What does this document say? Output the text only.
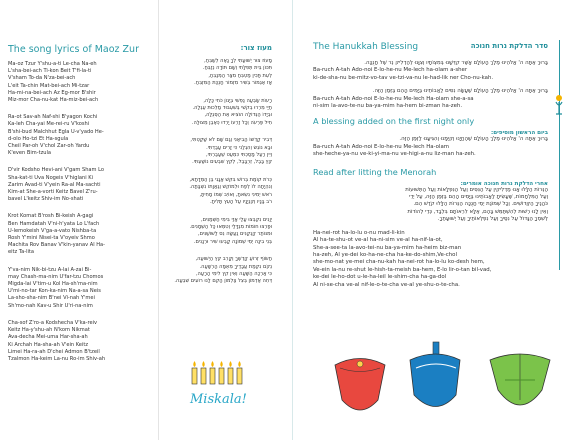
The song lyrics of Maoz Zur
Ma-oz Tzur Y'shu-a-ti Le-cha Na-eh
L'sha-bei-ach Ti-kon Beit T'fi-la-ti
V'sham To-da N'za-bei-ach
L'eit Ta-chin Mat-bei-ach Mi-tzar
Ha-mi-na-bei-ach Az Eg-mor B'shir
Miz-mor Cha-nu-kat Ha-miz-bei-ach
Ra-ot Sav-ah Naf-shi B'yagon Kochi
Ka-leh Cha-yai Me-rei-ru V'koshi
B'shi-bud Malchhut Egla U-v'yado He-
d-olo Ho-tzi Et Ha-sgula
Cheil Par-oh V'chol Zar-oh Yardu
K'even Bim-tzula
D'vir Kodsho Hevi-ani V'gam Sham Lo
Sha-kat-ti Uva Nogeis V'higlani Ki
Zarim Avad-ti V'yein Ra-al Ma-sachti
Kim-at She-a-vorti Keitz Bavel Z'ru-
bavel L'keitz Shiv-im No-shati
Krot Komat B'rosh Bi-keish A-gagi
Ben Hamdatah V'ni-h'yata Lo L'fach
U-lemokeish V'ga-a-vato Nishba-ta
Rosh Y'mini Nisei-ta V'oyeiv Shmo
Machita Rov Banav V'kin-yanav Al Ha-
eitz Ta-lita
Y'va-nim Nik-bi-tzu A-lai A-zai Bi-
may Chash-ma-nim U'far-tzu Chomos
Migda-lai V'tim-u Kol Ha-sh'ma-nim
U'mi-no-tar Kon-ka-nim Na-a-sa Neis
La-sho-sha-nim B'nei Vi-nah Y'mei
Sh'mo-nah Kav-u Shir U'ri-na-nim
Cha-sof Z'ro-a Kodshecha V'ka-reiv
Keitz Ha-y'shu-ah N'kom Nikmat
Ava-decha Mei-uma Har-sha-ah
Ki Archah Ha-sha-ah V'ein Keitz
Limei Ha-ra-ah D'chei Admon B'tzeil
Tzalmon Ha-keim La-nu Ro-im Shiv-ah
מעוז צור:
מָעוֹז צוּר יְשׁוּעָתִי לְךָ נָאֶה לְשַׁבֵּחַ,
תִּכּוֹן בֵּית תְּפִלָּתִי וְשָׁם תּוֹדָה נְזַבֵּחַ.
לְעֵת תָּכִין מַטְבֵּחַ מִצָּר הַמְנַבֵּחַ,
אָז אֶגְמוֹר בְּשִׁיר מִזְמוֹר חֲנֻכַּת הַמִּזְבֵּחַ.
רָעוֹת שָׂבְעָה נַפְשִׁי בְּיָגוֹן כֹּחִי כָּלָה,
חַיַּי מֵרְרוּ בְקֹשִׁי בְּשִׁעְבּוּד מַלְכוּת עֶגְלָה.
וּבְיָדוֹ הַגְּדוֹלָה הוֹצִיא אֶת הַסְּגֻלָּה,
חֵיל פַּרְעֹה וְכָל זַרְעוֹ יָרְדוּ כְּאֶבֶן מְצוּלָה.
דְּבִיר קָדְשׁוֹ הֱבִיאַנִי וְגַם שָׁם לֹא שָׁקַטְתִּי,
וּבָא נוֹגֵשׂ וְהִגְלַנִי כִּי זָרִים עָבַדְתִּי.
וְיֵין רַעַל מָסַכְתִּי כִּמְעַט שֶׁעָבַרְתִּי,
קֵץ בָּבֶל, זְרֻבָּבֶל, לְקֵץ שִׁבְעִים נוֹשַׁעְתִּי.
כְּרֹת קוֹמַת בְּרוֹשׁ בִּקֵּשׁ אֲגָגִי בֶּן הַמְּדָתָא,
וְנִהְיָתָה לוֹ לְפַח וּלְמוֹקֵשׁ וְגַאֲוָתוֹ נִשְׁבָּתָה.
רֹאשׁ יְמִינִי נִשֵּׂאתָ, וְאוֹיֵב שְׁמוֹ מָחִיתָ,
רֹב בָּנָיו וְקִנְיָנָיו עַל הָעֵץ תָּלִיתָ.
יְוָנִים נִקְבְּצוּ עָלַי אֲזַי בִּימֵי חַשְׁמַנִּים,
וּפָרְצוּ חוֹמוֹת מִגְדָּלַי וְטִמְּאוּ כָּל הַשְּׁמָנִים.
וּמִנּוֹתַר קַנְקַנִּים נַעֲשָׂה נֵס לַשּׁוֹשַׁנִּים,
בְּנֵי בִינָה יְמֵי שְׁמוֹנָה קָבְעוּ שִׁיר וּרְנָנִים.
חֲשׂוֹף זְרוֹעַ קָדְשֶׁךָ וְקָרֵב קֵץ הַיְשׁוּעָה,
נְקֹם נִקְמַת עֲבָדֶיךָ מֵאֻמָּה הָרְשָׁעָה.
כִּי אָרְכָה הַשָּׁעָה וְאֵין קֵץ לִימֵי הָרָעָה,
דְּחֵה אַדְמוֹן בְּצֵל צַלְמוֹן הָקֵם לָנוּ רוֹעִים שִׁבְעָה.
Miskala!
The Hanukkah Blessing	סדר הדלקת נרות חנוכה
בָּרוּךְ אַתָּה ה' אֱלֹהֵינוּ מֶלֶךְ הָעוֹלָם אֲשֶׁר קִדְּשָׁנוּ בְּמִצְוֹתָיו וְצִוָּנוּ לְהַדְלִיק נֵר שֶׁל חֲנֻכָּה.
Ba-ruch A-tah Ado-noi E-lo-he-nu Me-lech ha-olam a-sher
ki-de-sha-nu be-mitz-vo-tav ve-tzi-va-nu le-had-lik ner Cho-nu-kah.
בָּרוּךְ אַתָּה ה' אֱלֹהֵינוּ מֶלֶךְ הָעוֹלָם שֶׁעָשָׂה נִסִּים לַאֲבוֹתֵינוּ בַּיָּמִים הָהֵם בַּזְּמַן הַזֶּה.
Ba-ruch A-tah Ado-noi E-lo-he-nu Me-lech Ha-olam she-a-sa
ni-sim la-avo-te-nu ba-ya-mim ha-hem bi-zman ha-zeh.
A blessing added on the first night only
ביום הראשון מוסיפים:
בָּרוּךְ אַתָּה ה' אֱלֹהֵינוּ מֶלֶךְ הָעוֹלָם שֶׁהֶחֱיָנוּ וְקִיְּמָנוּ וְהִגִּיעָנוּ לַזְּמַן הַזֶּה.
Ba-ruch A-tah Ado-noi E-lo-he-nu Me-lech Ha-olam
she-heche-ya-nu ve-ki-yi-ma-nu ve-higi-a-nu liz-man ha-zeh.
Read after litting the Menorah
אחרי הדלקת נרות חנוכה אומרים:
הַנֵּרוֹת הַלָּלוּ אָנוּ מַדְלִיקִין עַל הַנִּסִּים וְעַל הַנִּפְלָאוֹת וְעַל הַתְּשׁוּעוֹת
וְעַל הַמִּלְחָמוֹת, שֶׁעָשִׂיתָ לַאֲבוֹתֵינוּ בַּיָּמִים הָהֵם בַּזְּמַן הַזֶּה, עַל יְדֵי
כֹּהֲנֶיךָ הַקְּדוֹשִׁים. וְכָל שְׁמוֹנַת יְמֵי חֲנֻכָּה הַנֵּרוֹת הַלָּלוּ קֹדֶשׁ הֵם.
וְאֵין לָנוּ רְשׁוּת לְהִשְׁתַּמֵּשׁ בָּהֶם, אֶלָּא לִרְאוֹתָם בִּלְבָד, כְּדֵי לְהוֹדוֹת
לְשִׁמְךָ הַגָּדוֹל עַל נִסֶּיךָ וְעַל נִפְלְאוֹתֶיךָ וְעַל יְשׁוּעָתֶךָ.
Ha-nei-rot ha-lo-lu o-nu mad-li-kin
Al ha-te-shu-ot ve-al ha-ni-sim ve-al ha-nif-la-ot,
She-a-see-ta la-avo-tei-nu ba-ya-mim ha-heim biz-man
ha-zeh, Al ye-dei ko-ha-ne-cha ha-ke-do-shim,Ve-chol
she-mo-nat ye-mei cha-nu-kah ha-nei-rot ha-lo-lu ko-desh hem,
Ve-ein la-nu re-shut le-hish-ta-meish ba-hem, E-lo lir-o-tan bil-vad,
ke-dei le-ho-dot u-le-ha-leil le-shim-cha ha-ga-dol
Al ni-se-cha ve-al nif-le-o-te-cha ve-al ye-shu-o-te-cha.
